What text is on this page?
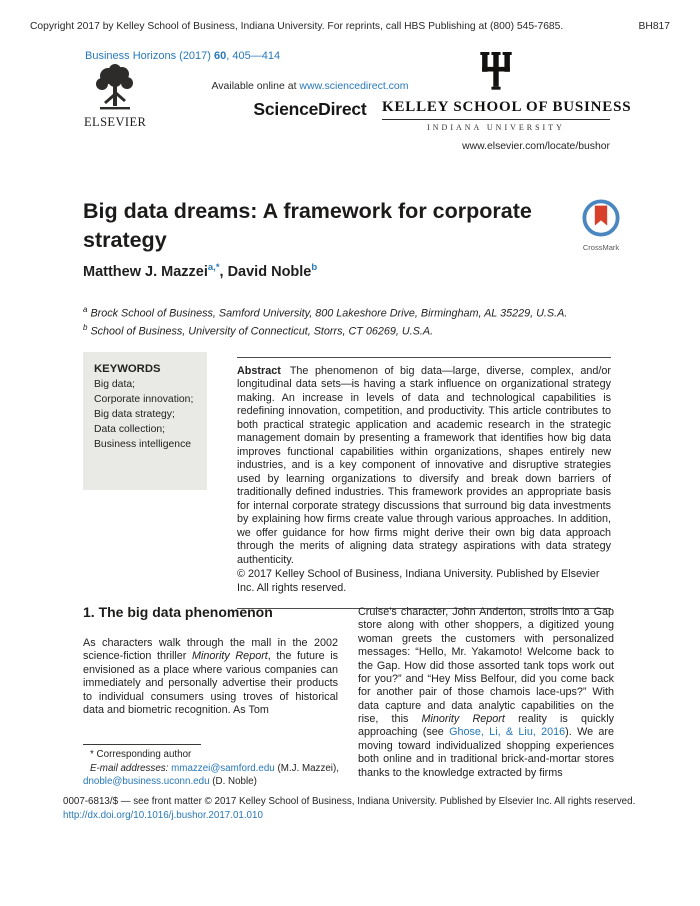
Copyright 2017 by Kelley School of Business, Indiana University. For reprints, call HBS Publishing at (800) 545-7685.	BH817
Business Horizons (2017) 60, 405—414
ELSEVIER
Available online at www.sciencedirect.com
ScienceDirect	KELLEY SCHOOL OF BUSINESS
INDIANA UNIVERSITY
www.elsevier.com/locate/bushor
Big data dreams: A framework for corporate strategy	CrossMark
Matthew J. Mazzei$^{a,*}$, David Noble$^b$
$^a$ Brock School of Business, Samford University, 800 Lakeshore Drive, Birmingham, AL 35229, U.S.A.
$^b$ School of Business, University of Connecticut, Storrs, CT 06269, U.S.A.
KEYWORDS
Big data;
Corporate innovation;
Big data strategy;
Data collection;
Business intelligence

Abstract The phenomenon of big data—large, diverse, complex, and/or longitudinal data sets—is having a stark influence on organizational strategy making. An increase in levels of data and technological capabilities is redefining innovation, competition, and productivity. This article contributes to both practical strategic application and academic research in the strategic management domain by presenting a framework that identifies how big data improves functional capabilities within organizations, shapes entirely new industries, and is a key component of innovative and disruptive strategies used by learning organizations to diversify and break down barriers of traditionally defined industries. This framework provides an appropriate basis for internal corporate strategy discussions that surround big data investments by explaining how firms create value through various approaches. In addition, we offer guidance for how firms might derive their own big data approach through the merits of aligning data strategy aspirations with data strategy authenticity.

© 2017 Kelley School of Business, Indiana University. Published by Elsevier Inc. All rights reserved.
1. The big data phenomenon

As characters walk through the mall in the 2002 science-fiction thriller Minority Report, the future is envisioned as a place where various companies can immediately and personally advertise their products to individual consumers using troves of historical data and biometric recognition. As Tom

Cruise’s character, John Anderton, strolls into a Gap store along with other shoppers, a digitized young woman greets the customers with personalized messages: “Hello, Mr. Yakamoto! Welcome back to the Gap. How did those assorted tank tops work out for you?” and “Hey Miss Belfour, did you come back for another pair of those chamois lace-ups?” With data capture and data analytic capabilities on the rise, this Minority Report reality is quickly approaching (see Ghose, Li, & Liu, 2016). We are moving toward individualized shopping experiences both online and in traditional brick-and-mortar stores thanks to the knowledge extracted by firms

* Corresponding author
E-mail addresses: mmazzei@samford.edu (M.J. Mazzei),
dnoble@business.uconn.edu (D. Noble)
0007-6813/$ — see front matter © 2017 Kelley School of Business, Indiana University. Published by Elsevier Inc. All rights reserved.
http://dx.doi.org/10.1016/j.bushor.2017.01.010
